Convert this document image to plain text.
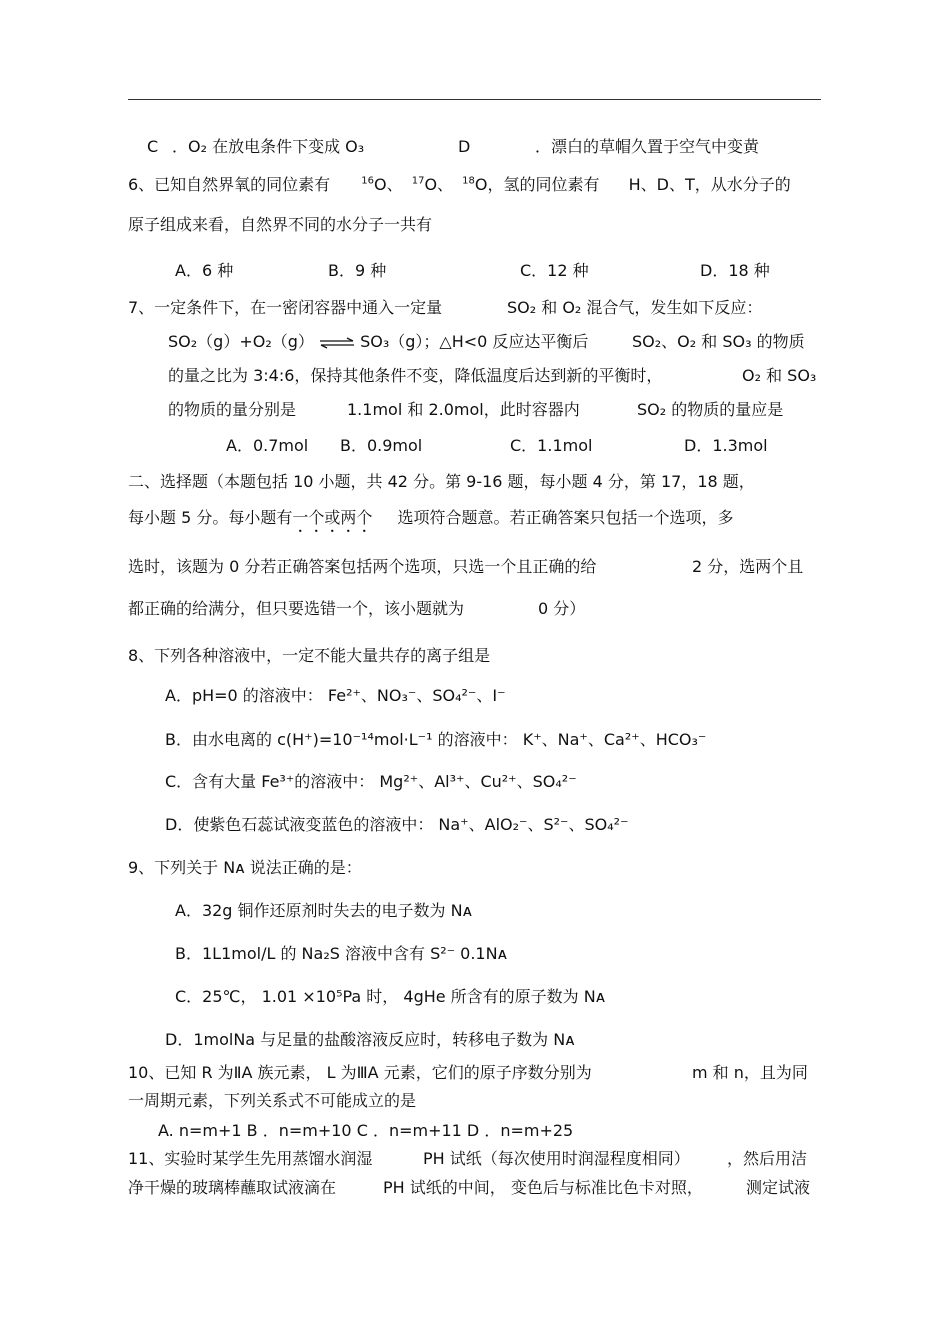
C ．O₂ 在放电条件下变成 O₃	D	．漂白的草帽久置于空气中变黄
6、已知自然界氧的同位素有	$^{16}$O、 $^{17}$O、 $^{18}$O，氢的同位素有 H、D、T，从水分子的
原子组成来看，自然界不同的水分子一共有
A．6 种	B．9 种	C．12 种	D．18 种
7、一定条件下，在一密闭容器中通入一定量	SO₂ 和 O₂ 混合气，发生如下反应：
SO₂（g）+O₂（g） ⇌ SO₃（g）；△H<0 反应达平衡后	SO₂、O₂ 和 SO₃ 的物质
的量之比为 3:4:6，保持其他条件不变，降低温度后达到新的平衡时，	O₂ 和 SO₃
的物质的量分别是	1.1mol 和 2.0mol，此时容器内	SO₂ 的物质的量应是
A．0.7mol B．0.9mol	C．1.1mol	D．1.3mol
二、选择题（本题包括 10 小题，共 42 分。第 9-16 题，每小题 4 分，第 17，18 题，
每小题 5 分。每小题有一个或两个 选项符合题意。若正确答案只包括一个选项，多
选时，该题为 0 分若正确答案包括两个选项，只选一个且正确的给	2 分，选两个且
都正确的给满分，但只要选错一个，该小题就为	0 分）
8、下列各种溶液中，一定不能大量共存的离子组是
A．pH=0 的溶液中： Fe²⁺、NO₃⁻、SO₄²⁻、I⁻
B．由水电离的 c(H⁺)=10⁻¹⁴mol·L⁻¹ 的溶液中： K⁺、Na⁺、Ca²⁺、HCO₃⁻
C．含有大量 Fe³⁺的溶液中： Mg²⁺、Al³⁺、Cu²⁺、SO₄²⁻
D．使紫色石蕊试液变蓝色的溶液中： Na⁺、AlO₂⁻、S²⁻、SO₄²⁻
9、下列关于 Nᴀ 说法正确的是：
A．32g 铜作还原剂时失去的电子数为 Nᴀ
B．1L1mol/L 的 Na₂S 溶液中含有 S²⁻ 0.1Nᴀ
C．25℃， 1.01 ×10⁵Pa 时， 4gHe 所含有的原子数为 Nᴀ
D．1molNa 与足量的盐酸溶液反应时，转移电子数为 Nᴀ
10、已知 R 为ⅡA 族元素， L 为ⅢA 元素，它们的原子序数分别为	m 和 n，且为同
一周期元素，下列关系式不可能成立的是
A. n=m+1 B ．n=m+10 C ．n=m+11 D ．n=m+25
11、实验时某学生先用蒸馏水润湿	PH 试纸（每次使用时润湿程度相同） ，然后用洁
净干燥的玻璃棒蘸取试液滴在	PH 试纸的中间， 变色后与标准比色卡对照，	测定试液
